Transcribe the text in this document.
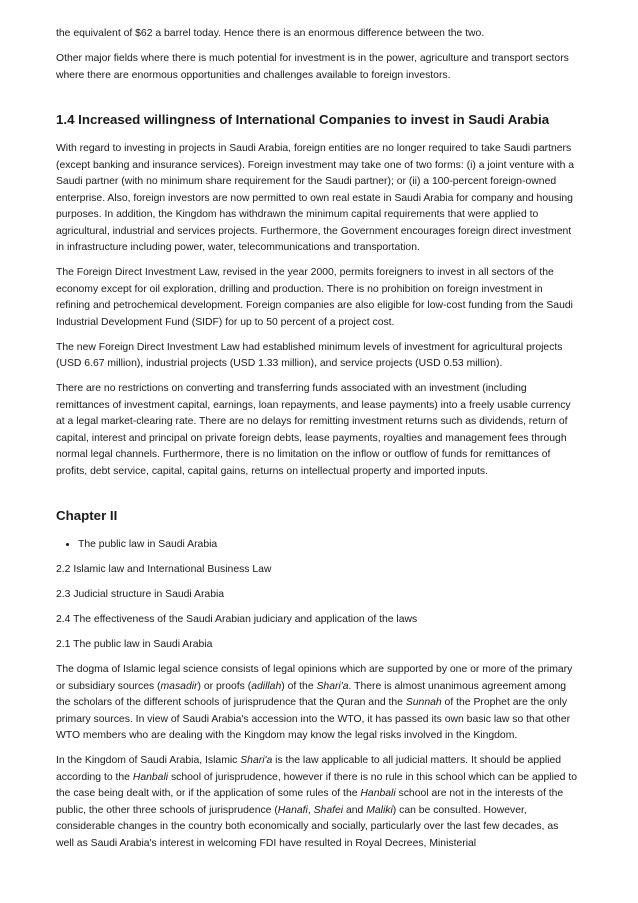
the equivalent of $62 a barrel today. Hence there is an enormous difference between the two.

Other major fields where there is much potential for investment is in the power, agriculture and transport sectors where there are enormous opportunities and challenges available to foreign investors.

1.4 Increased willingness of International Companies to invest in Saudi Arabia

With regard to investing in projects in Saudi Arabia, foreign entities are no longer required to take Saudi partners (except banking and insurance services). Foreign investment may take one of two forms: (i) a joint venture with a Saudi partner (with no minimum share requirement for the Saudi partner); or (ii) a 100-percent foreign-owned enterprise. Also, foreign investors are now permitted to own real estate in Saudi Arabia for company and housing purposes. In addition, the Kingdom has withdrawn the minimum capital requirements that were applied to agricultural, industrial and services projects. Furthermore, the Government encourages foreign direct investment in infrastructure including power, water, telecommunications and transportation.

The Foreign Direct Investment Law, revised in the year 2000, permits foreigners to invest in all sectors of the economy except for oil exploration, drilling and production. There is no prohibition on foreign investment in refining and petrochemical development. Foreign companies are also eligible for low-cost funding from the Saudi Industrial Development Fund (SIDF) for up to 50 percent of a project cost.

The new Foreign Direct Investment Law had established minimum levels of investment for agricultural projects (USD 6.67 million), industrial projects (USD 1.33 million), and service projects (USD 0.53 million).

There are no restrictions on converting and transferring funds associated with an investment (including remittances of investment capital, earnings, loan repayments, and lease payments) into a freely usable currency at a legal market-clearing rate. There are no delays for remitting investment returns such as dividends, return of capital, interest and principal on private foreign debts, lease payments, royalties and management fees through normal legal channels. Furthermore, there is no limitation on the inflow or outflow of funds for remittances of profits, debt service, capital, capital gains, returns on intellectual property and imported inputs.

Chapter II
• The public law in Saudi Arabia

2.2 Islamic law and International Business Law

2.3 Judicial structure in Saudi Arabia

2.4 The effectiveness of the Saudi Arabian judiciary and application of the laws

2.1 The public law in Saudi Arabia

The dogma of Islamic legal science consists of legal opinions which are supported by one or more of the primary or subsidiary sources (masadir) or proofs (adillah) of the Shari'a. There is almost unanimous agreement among the scholars of the different schools of jurisprudence that the Quran and the Sunnah of the Prophet are the only primary sources. In view of Saudi Arabia's accession into the WTO, it has passed its own basic law so that other WTO members who are dealing with the Kingdom may know the legal risks involved in the Kingdom.

In the Kingdom of Saudi Arabia, Islamic Shari'a is the law applicable to all judicial matters. It should be applied according to the Hanbali school of jurisprudence, however if there is no rule in this school which can be applied to the case being dealt with, or if the application of some rules of the Hanbali school are not in the interests of the public, the other three schools of jurisprudence (Hanafi, Shafei and Maliki) can be consulted. However, considerable changes in the country both economically and socially, particularly over the last few decades, as well as Saudi Arabia's interest in welcoming FDI have resulted in Royal Decrees, Ministerial
